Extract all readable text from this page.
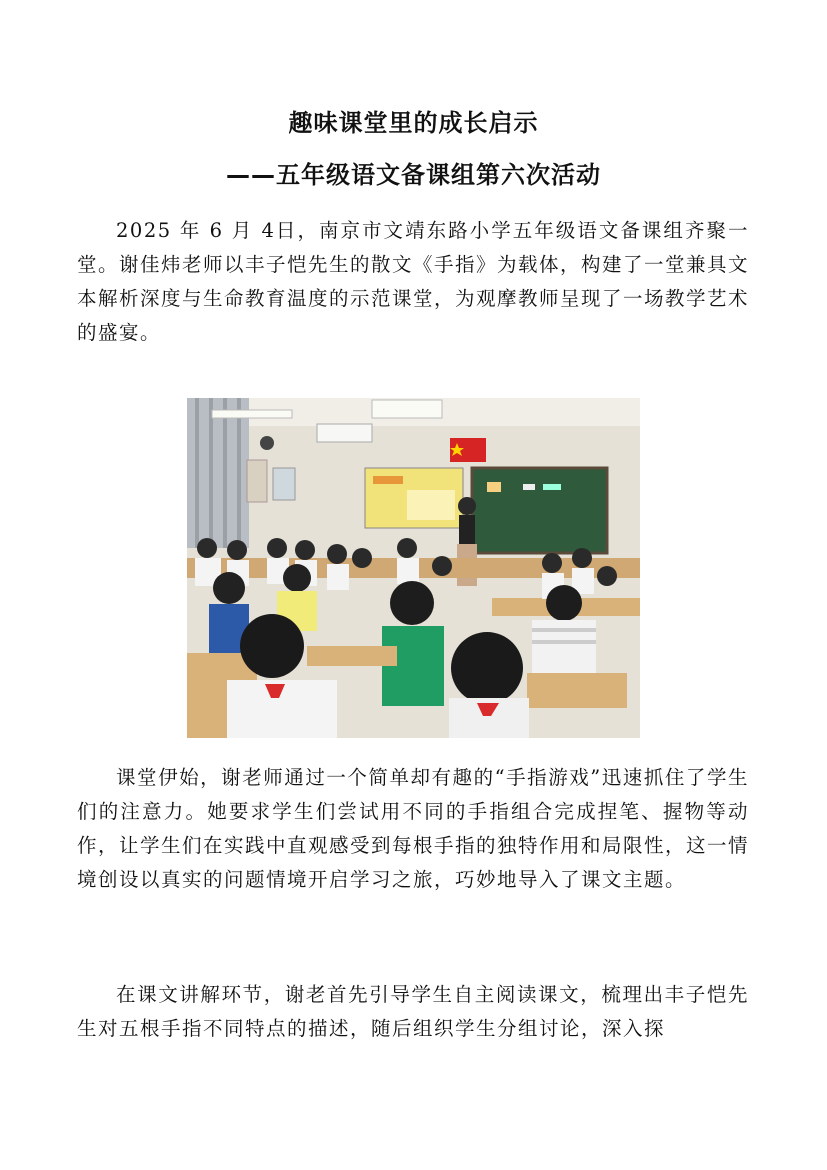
趣味课堂里的成长启示
——五年级语文备课组第六次活动

2025 年 6 月 4日，南京市文靖东路小学五年级语文备课组齐聚一堂。谢佳炜老师以丰子恺先生的散文《手指》为载体，构建了一堂兼具文本解析深度与生命教育温度的示范课堂，为观摩教师呈现了一场教学艺术的盛宴。

课堂伊始，谢老师通过一个简单却有趣的“手指游戏”迅速抓住了学生们的注意力。她要求学生们尝试用不同的手指组合完成捏笔、握物等动作，让学生们在实践中直观感受到每根手指的独特作用和局限性，这一情境创设以真实的问题情境开启学习之旅，巧妙地导入了课文主题。

在课文讲解环节，谢老首先引导学生自主阅读课文，梳理出丰子恺先生对五根手指不同特点的描述，随后组织学生分组讨论，深入探
